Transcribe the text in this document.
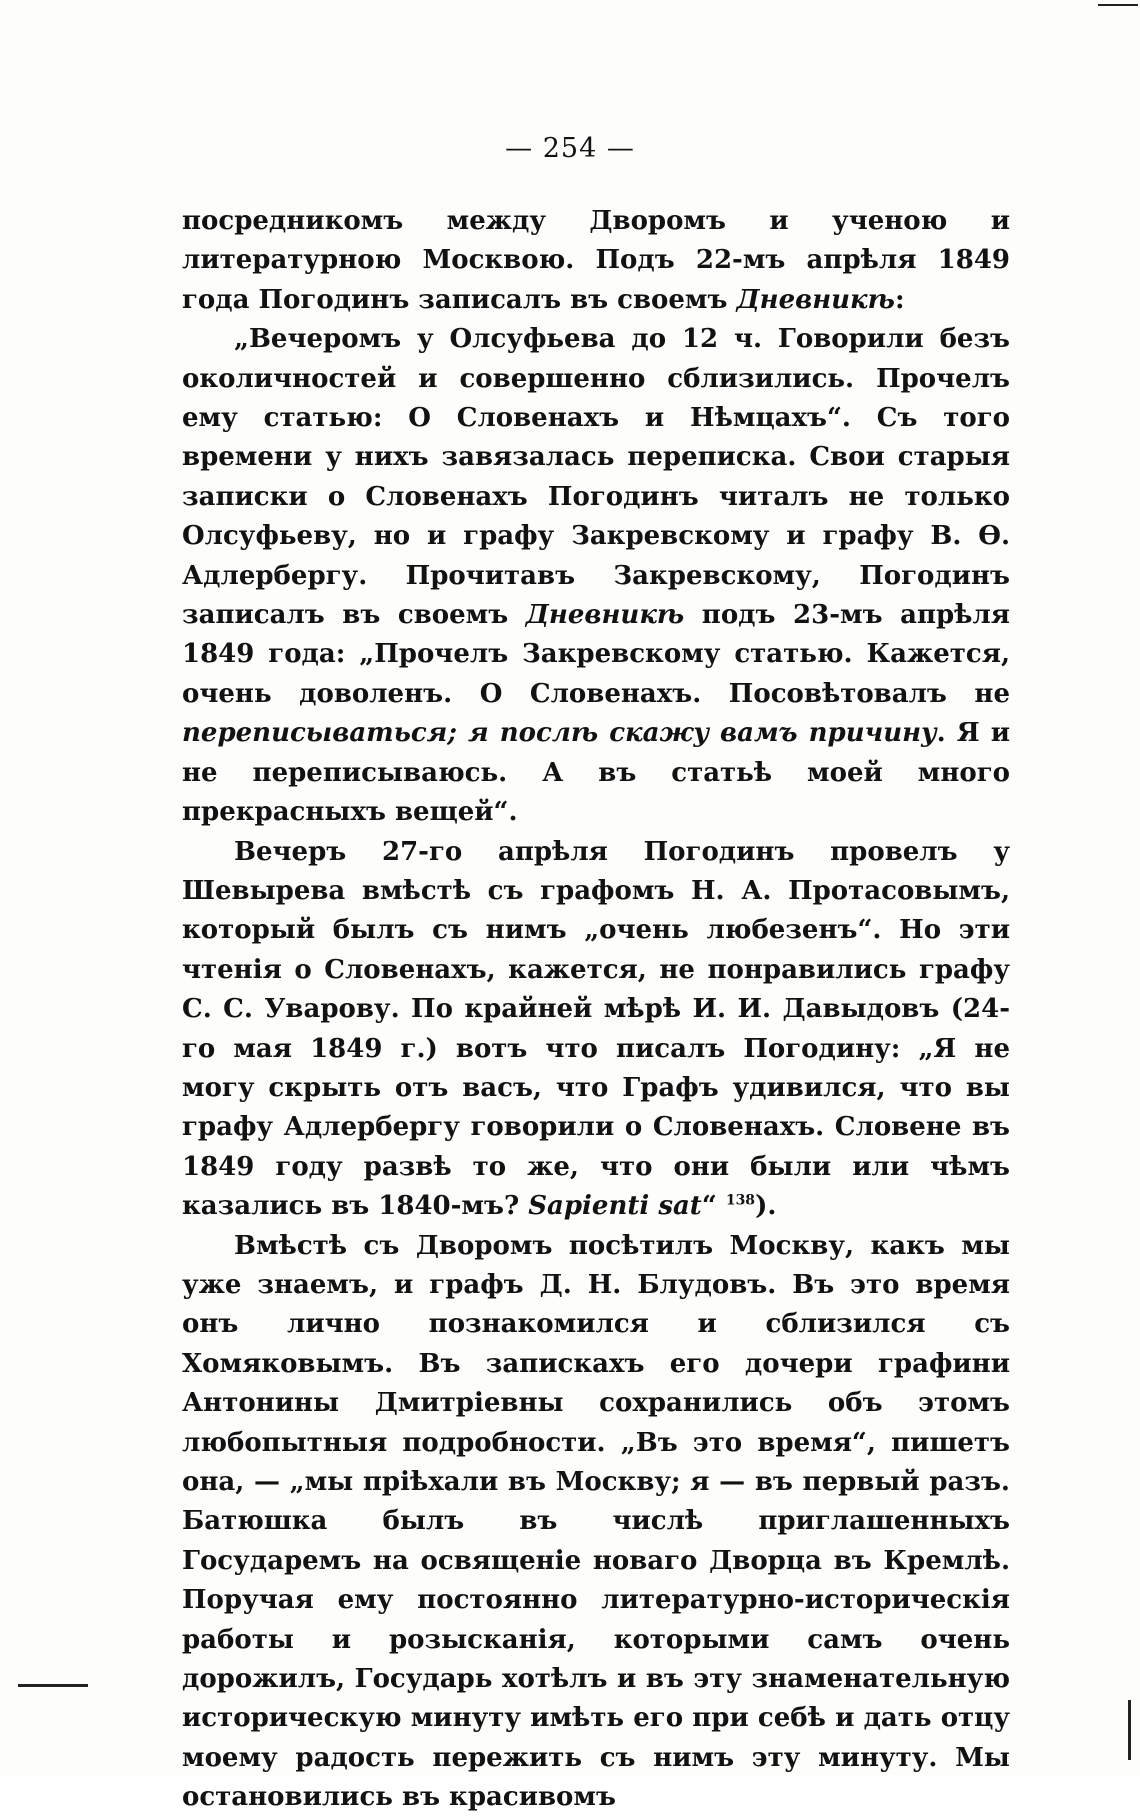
— 254 —

посредникомъ между Дворомъ и ученою и литературною Москвою. Подъ 22-мъ апрѣля 1849 года Погодинъ записалъ въ своемъ Дневникѣ:

„Вечеромъ у Олсуфьева до 12 ч. Говорили безъ околичностей и совершенно сблизились. Прочелъ ему статью: О Словенахъ и Нѣмцахъ“. Съ того времени у нихъ завязалась переписка. Свои старыя записки о Словенахъ Погодинъ читалъ не только Олсуфьеву, но и графу Закревскому и графу В. Ѳ. Адлербергу. Прочитавъ Закревскому, Погодинъ записалъ въ своемъ Дневникѣ подъ 23-мъ апрѣля 1849 года: „Прочелъ Закревскому статью. Кажется, очень доволенъ. О Словенахъ. Посовѣтовалъ не переписываться; я послѣ скажу вамъ причину. Я и не переписываюсь. А въ статьѣ моей много прекрасныхъ вещей“.

Вечеръ 27-го апрѣля Погодинъ провелъ у Шевырева вмѣстѣ съ графомъ Н. А. Протасовымъ, который былъ съ нимъ „очень любезенъ“. Но эти чтенія о Словенахъ, кажется, не понравились графу С. С. Уварову. По крайней мѣрѣ И. И. Давыдовъ (24-го мая 1849 г.) вотъ что писалъ Погодину: „Я не могу скрыть отъ васъ, что Графъ удивился, что вы графу Адлербергу говорили о Словенахъ. Словене въ 1849 году развѣ то же, что они были или чѣмъ казались въ 1840-мъ? Sapienti sat“ $^{138}$).

Вмѣстѣ съ Дворомъ посѣтилъ Москву, какъ мы уже знаемъ, и графъ Д. Н. Блудовъ. Въ это время онъ лично познакомился и сблизился съ Хомяковымъ. Въ запискахъ его дочери графини Антонины Дмитріевны сохранились объ этомъ любопытныя подробности. „Въ это время“, пишетъ она, — „мы пріѣхали въ Москву; я — въ первый разъ. Батюшка былъ въ числѣ приглашенныхъ Государемъ на освященіе новаго Дворца въ Кремлѣ. Поручая ему постоянно литературно-историческія работы и розысканія, которыми самъ очень дорожилъ, Государь хотѣлъ и въ эту знаменательную историческую минуту имѣть его при себѣ и дать отцу моему радость пережить съ нимъ эту минуту. Мы остановились въ красивомъ
